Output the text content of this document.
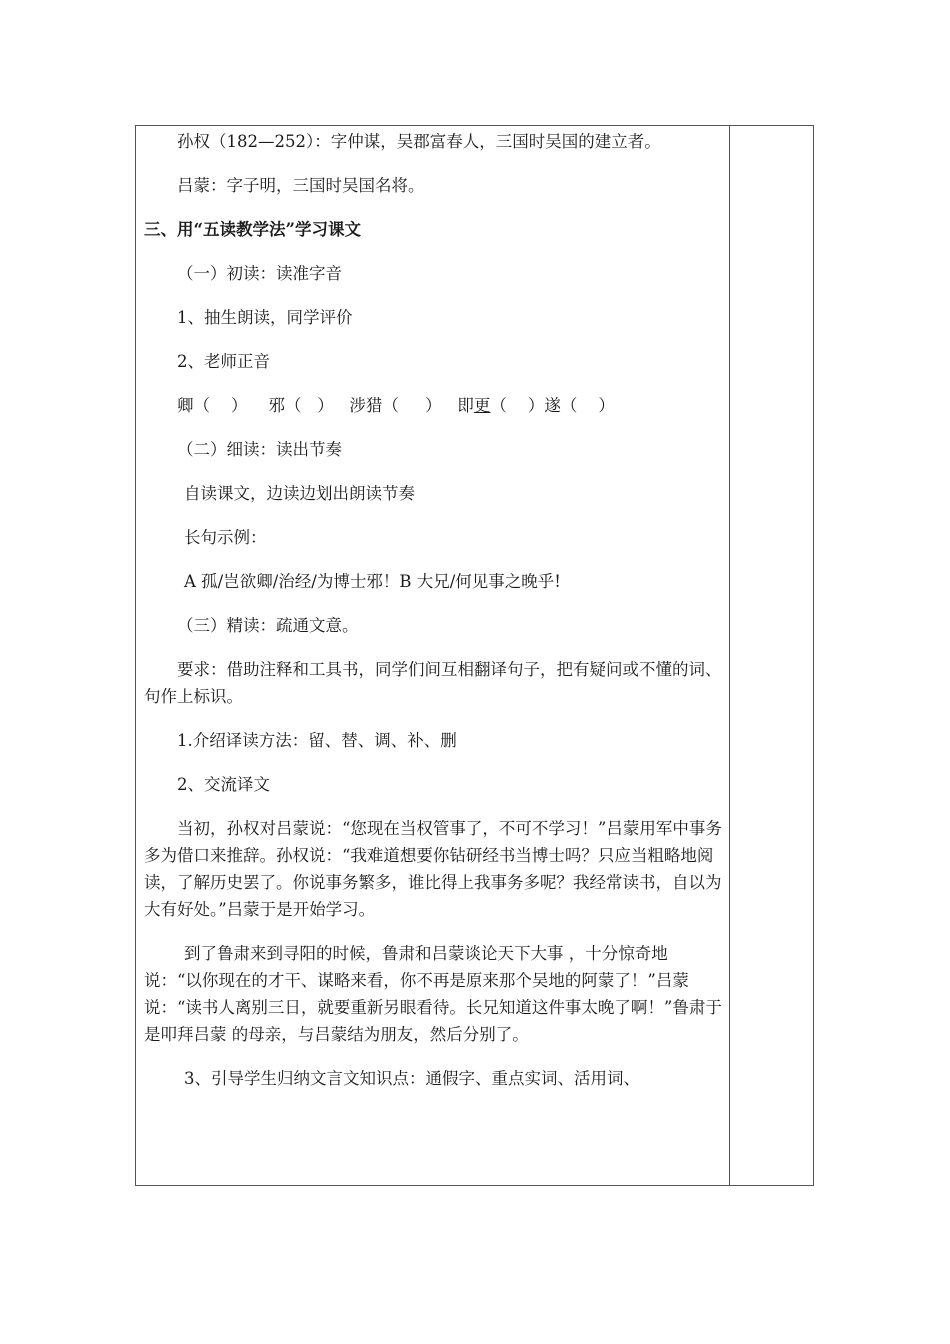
孙权（182—252）：字仲谋，吴郡富春人，三国时吴国的建立者。

吕蒙：字子明，三国时吴国名将。

三、用“五读教学法”学习课文

（一）初读：读准字音

1、抽生朗读，同学评价

2、老师正音

卿（    ）    邪（   ）   涉猎（     ）   即更（    ）遂（    ）

（二）细读：读出节奏

自读课文，边读边划出朗读节奏

长句示例：

A 孤/岂欲卿/治经/为博士邪！B 大兄/何见事之晚乎!

（三）精读：疏通文意。

要求：借助注释和工具书，同学们间互相翻译句子，把有疑问或不懂的词、句作上标识。

1.介绍译读方法：留、替、调、补、删

2、交流译文

当初，孙权对吕蒙说：“您现在当权管事了，不可不学习！”吕蒙用军中事务多为借口来推辞。孙权说：“我难道想要你钻研经书当博士吗？只应当粗略地阅读，了解历史罢了。你说事务繁多，谁比得上我事务多呢？我经常读书，自以为大有好处。”吕蒙于是开始学习。

到了鲁肃来到寻阳的时候，鲁肃和吕蒙谈论天下大事 ，十分惊奇地说：“以你现在的才干、谋略来看，你不再是原来那个吴地的阿蒙了！”吕蒙说：“读书人离别三日，就要重新另眼看待。长兄知道这件事太晚了啊！”鲁肃于是叩拜吕蒙 的母亲，与吕蒙结为朋友，然后分别了。

3、引导学生归纳文言文知识点：通假字、重点实词、活用词、
